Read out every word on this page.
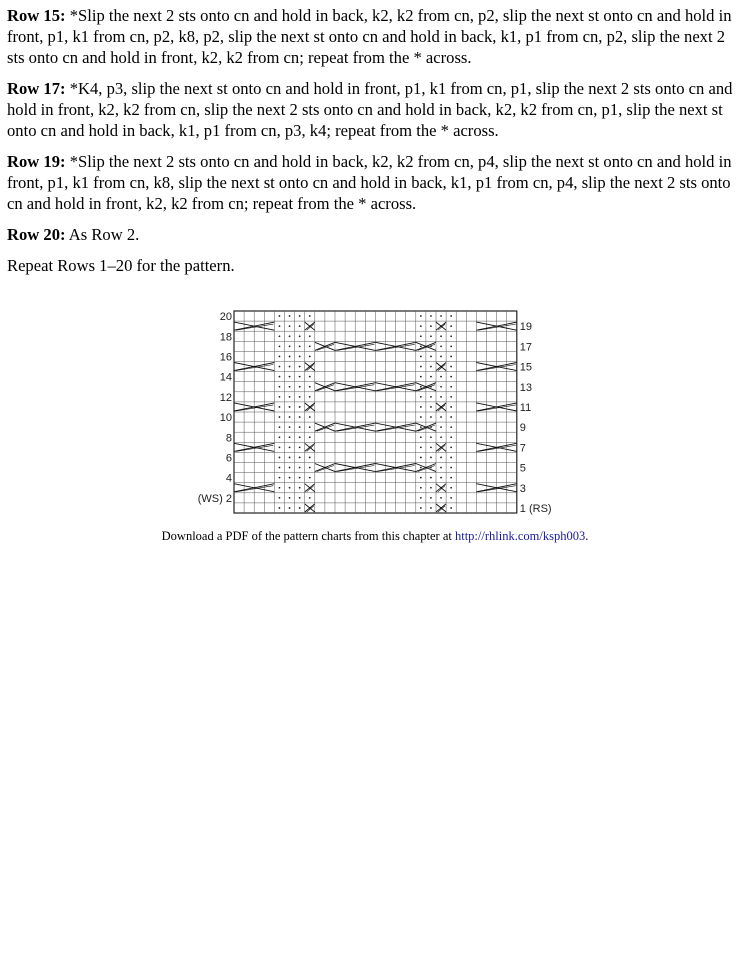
Row 15: *Slip the next 2 sts onto cn and hold in back, k2, k2 from cn, p2, slip the next st onto cn and hold in front, p1, k1 from cn, p2, k8, p2, slip the next st onto cn and hold in back, k1, p1 from cn, p2, slip the next 2 sts onto cn and hold in front, k2, k2 from cn; repeat from the * across.

Row 17: *K4, p3, slip the next st onto cn and hold in front, p1, k1 from cn, p1, slip the next 2 sts onto cn and hold in front, k2, k2 from cn, slip the next 2 sts onto cn and hold in back, k2, k2 from cn, p1, slip the next st onto cn and hold in back, k1, p1 from cn, p3, k4; repeat from the * across.

Row 19: *Slip the next 2 sts onto cn and hold in back, k2, k2 from cn, p4, slip the next st onto cn and hold in front, p1, k1 from cn, k8, slip the next st onto cn and hold in back, k1, p1 from cn, p4, slip the next 2 sts onto cn and hold in front, k2, k2 from cn; repeat from the * across.

Row 20: As Row 2.

Repeat Rows 1–20 for the pattern.

20
18
16
14
12
10
8
6
4
(WS) 2
19
17
15
13
11
9
7
5
3
1 (RS)
Download a PDF of the pattern charts from this chapter at http://rhlink.com/ksph003.
